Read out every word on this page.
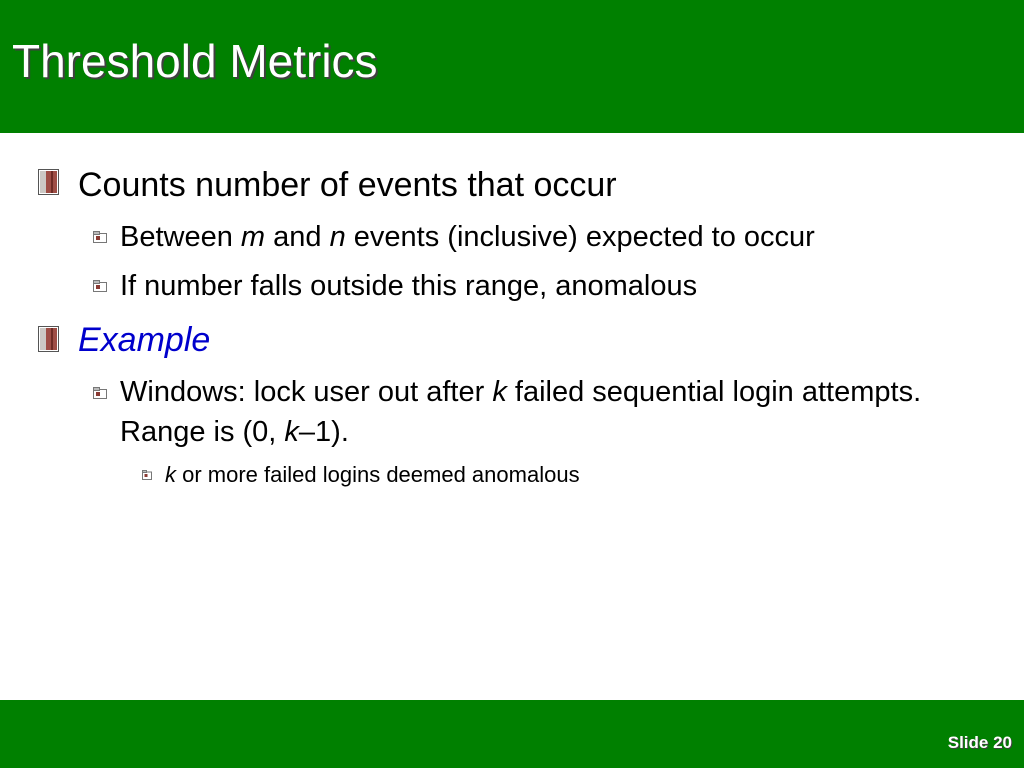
Threshold Metrics
Counts number of events that occur
Between m and n events (inclusive) expected to occur
If number falls outside this range, anomalous
Example
Windows: lock user out after k failed sequential login attempts. Range is (0, k–1).
k or more failed logins deemed anomalous
Slide 20
